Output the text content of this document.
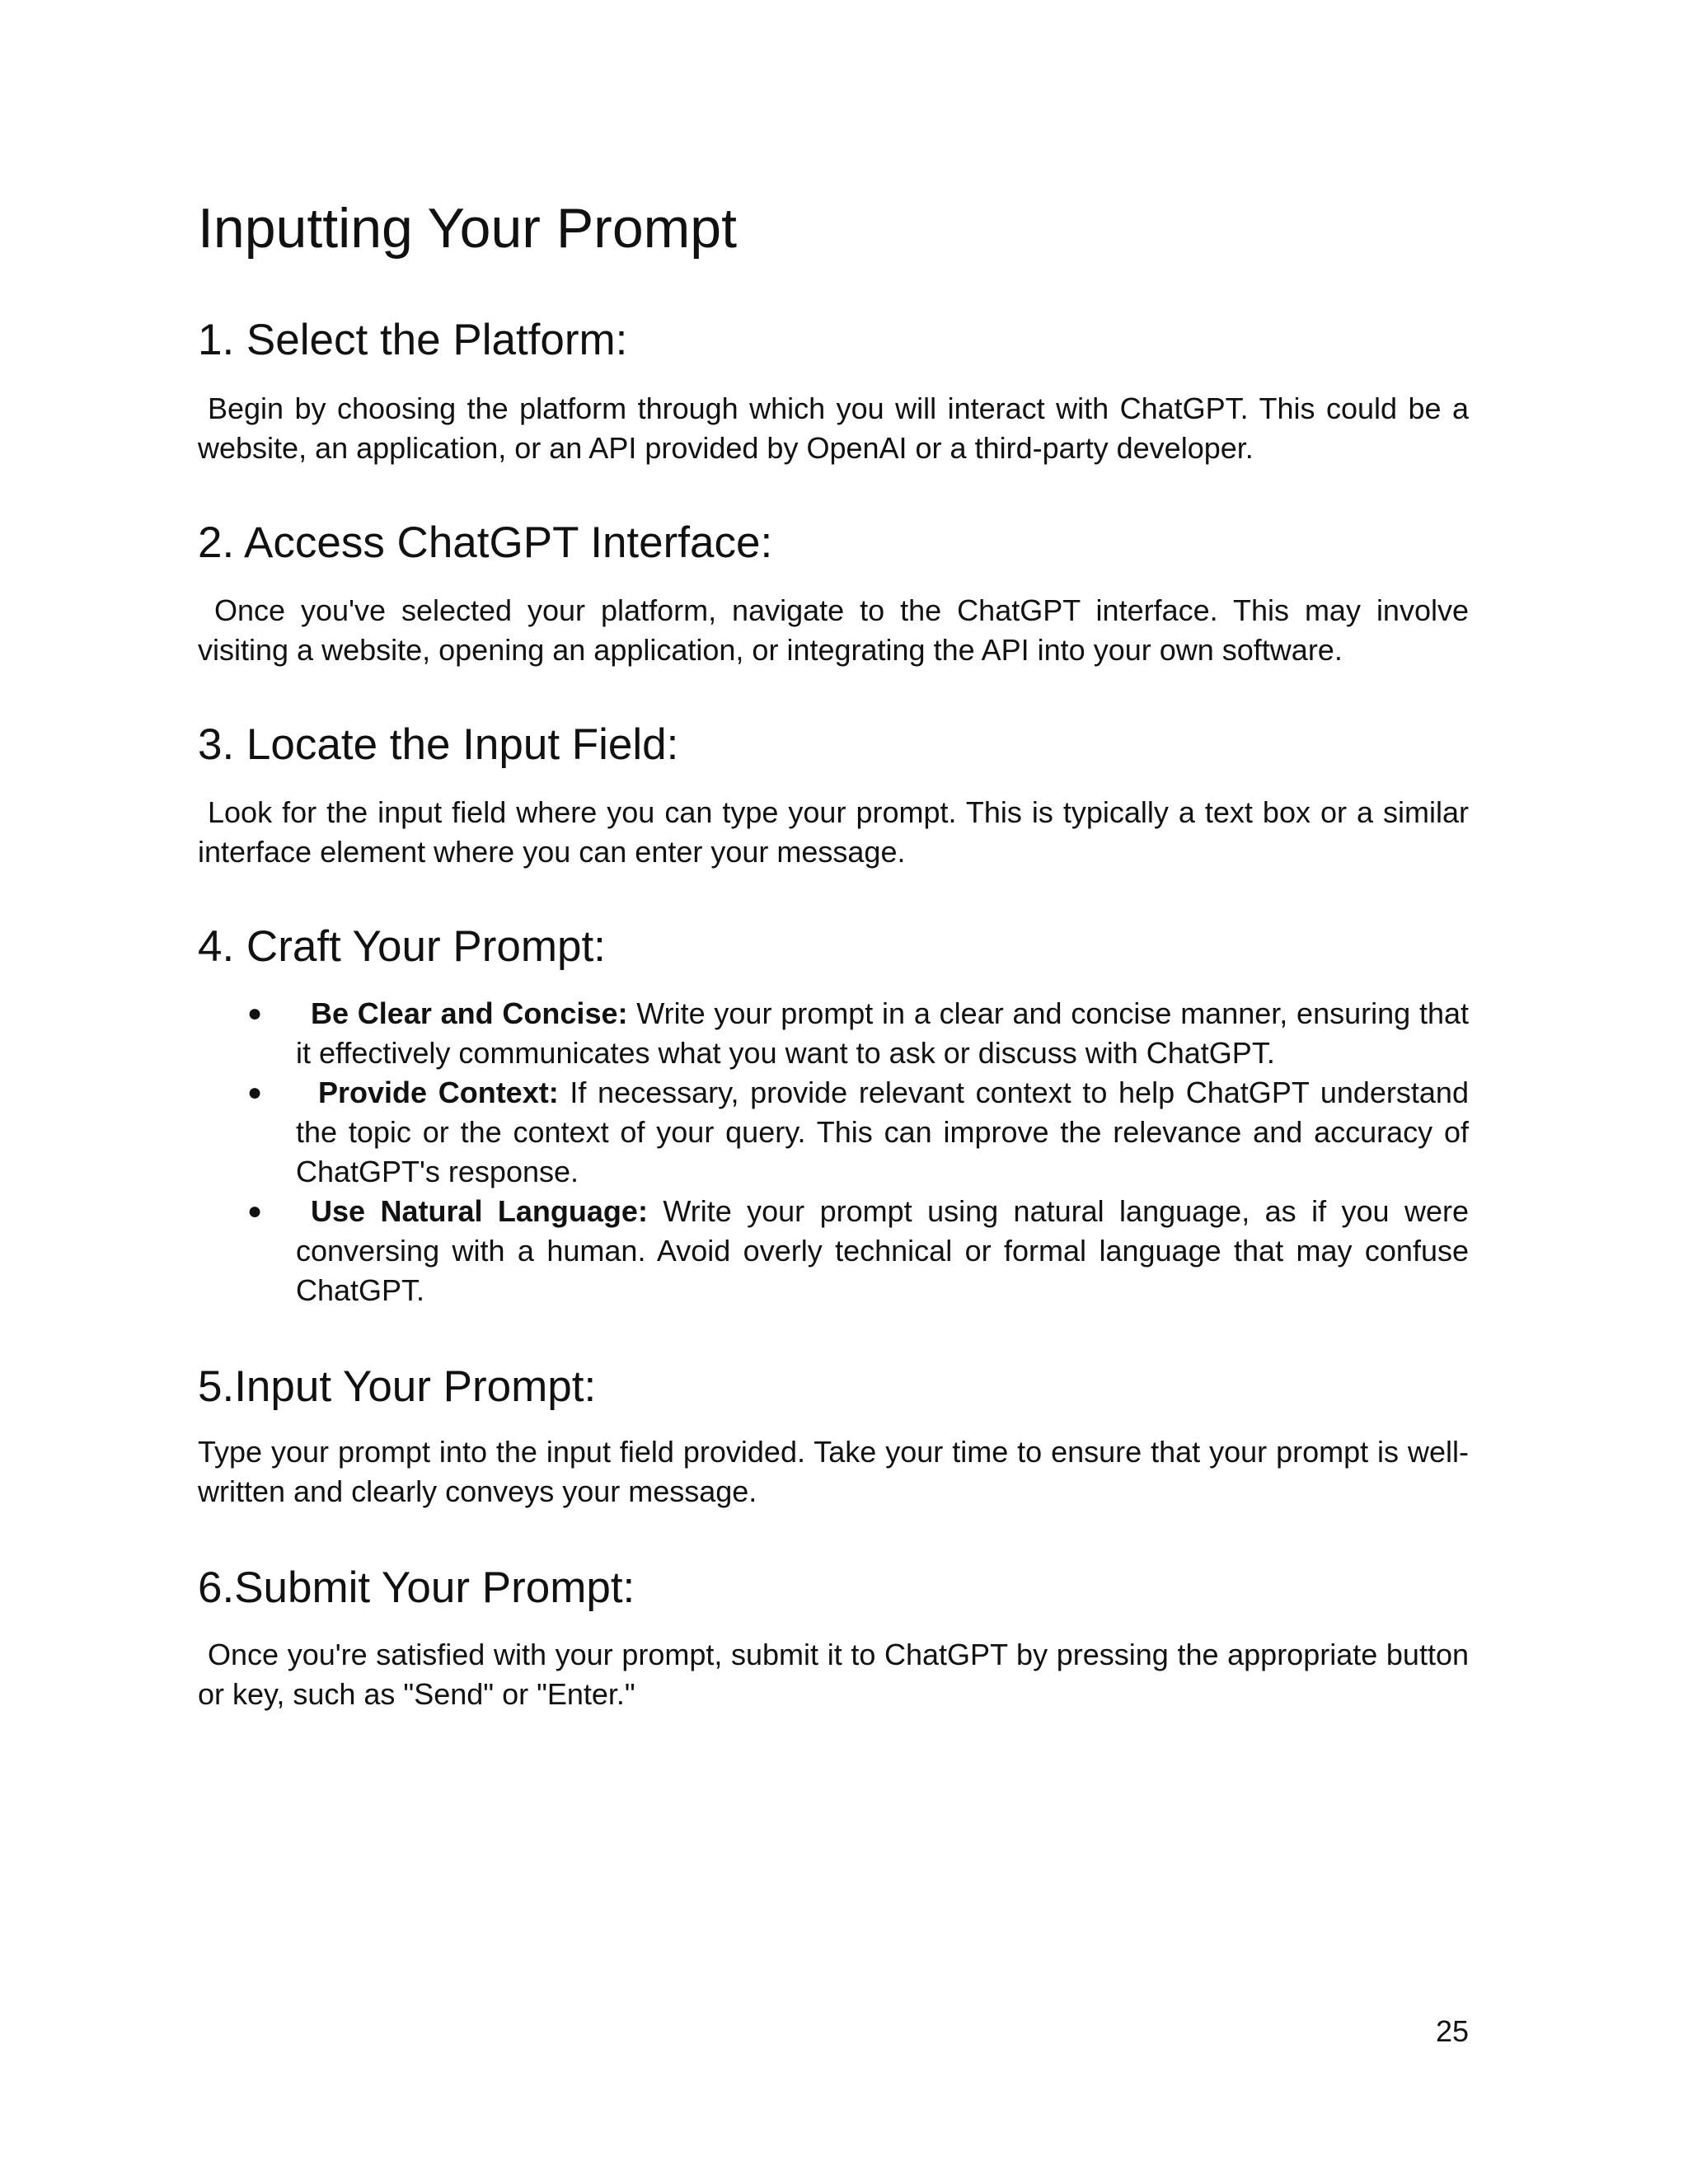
Inputting Your Prompt
1. Select the Platform:

Begin by choosing the platform through which you will interact with ChatGPT. This could be a website, an application, or an API provided by OpenAI or a third-party developer.

2. Access ChatGPT Interface:

Once you've selected your platform, navigate to the ChatGPT interface. This may involve visiting a website, opening an application, or integrating the API into your own software.

3. Locate the Input Field:

Look for the input field where you can type your prompt. This is typically a text box or a similar interface element where you can enter your message.

4. Craft Your Prompt:
● Be Clear and Concise: Write your prompt in a clear and concise manner, ensuring that it effectively communicates what you want to ask or discuss with ChatGPT.
● Provide Context: If necessary, provide relevant context to help ChatGPT understand the topic or the context of your query. This can improve the relevance and accuracy of ChatGPT's response.
● Use Natural Language: Write your prompt using natural language, as if you were conversing with a human. Avoid overly technical or formal language that may confuse ChatGPT.
5.Input Your Prompt:

Type your prompt into the input field provided. Take your time to ensure that your prompt is well-written and clearly conveys your message.

6.Submit Your Prompt:

Once you're satisfied with your prompt, submit it to ChatGPT by pressing the appropriate button or key, such as "Send" or "Enter."

25
